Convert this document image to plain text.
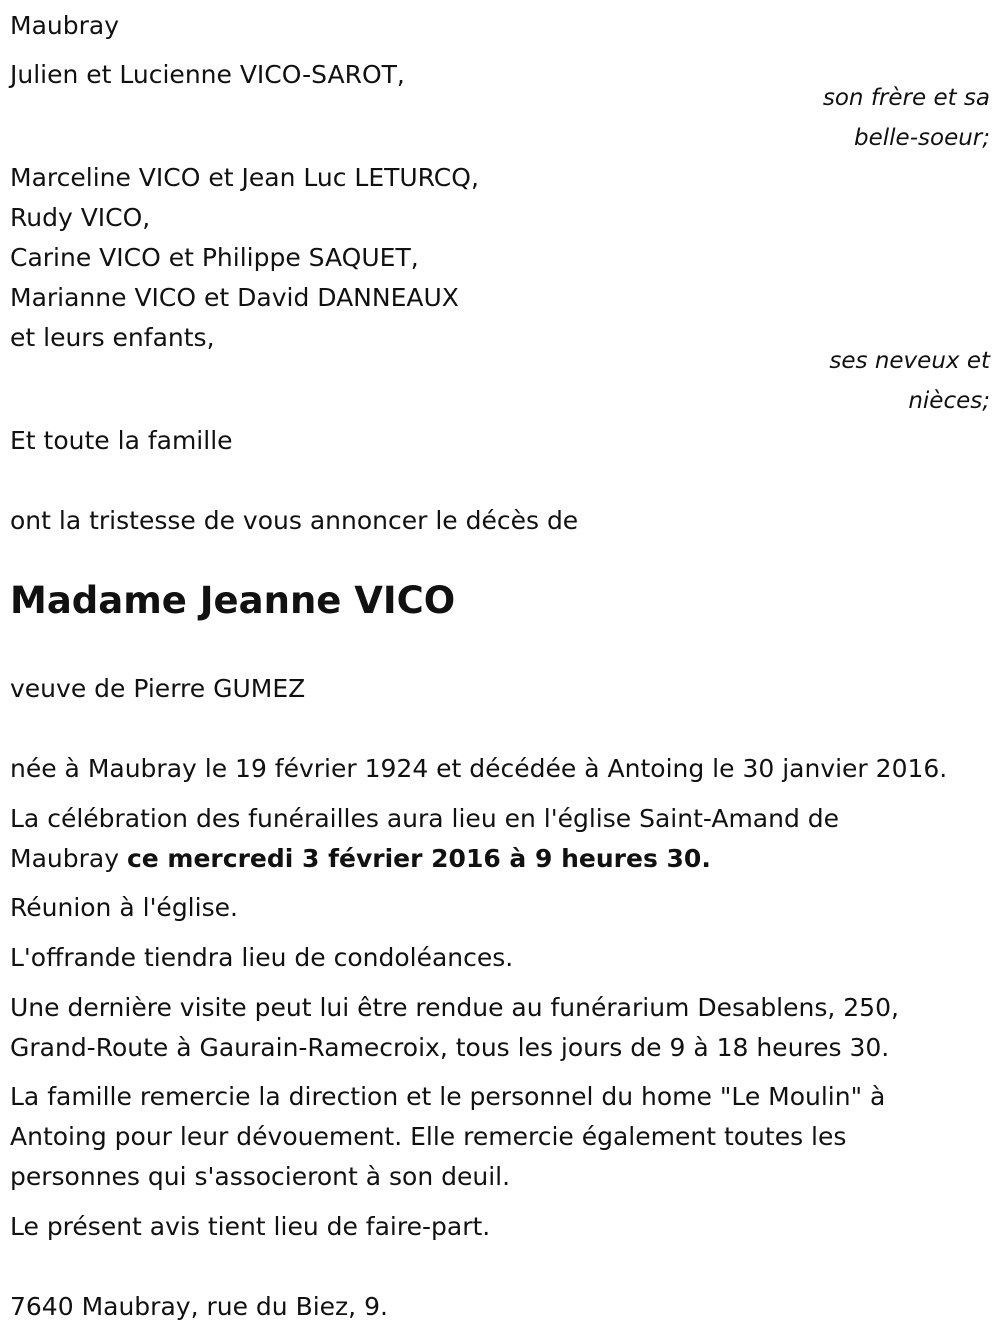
Maubray
Julien et Lucienne VICO-SAROT,
son frère et sa
belle-soeur;
Marceline VICO et Jean Luc LETURCQ,
Rudy VICO,
Carine VICO et Philippe SAQUET,
Marianne VICO et David DANNEAUX
et leurs enfants,
ses neveux et
nièces;
Et toute la famille
ont la tristesse de vous annoncer le décès de
Madame Jeanne VICO
veuve de Pierre GUMEZ
née à Maubray le 19 février 1924 et décédée à Antoing le 30 janvier 2016.
La célébration des funérailles aura lieu en l'église Saint-Amand de
Maubray ce mercredi 3 février 2016 à 9 heures 30.
Réunion à l'église.
L'offrande tiendra lieu de condoléances.
Une dernière visite peut lui être rendue au funérarium Desablens, 250,
Grand-Route à Gaurain-Ramecroix, tous les jours de 9 à 18 heures 30.
La famille remercie la direction et le personnel du home "Le Moulin" à
Antoing pour leur dévouement. Elle remercie également toutes les
personnes qui s'associeront à son deuil.
Le présent avis tient lieu de faire-part.
7640 Maubray, rue du Biez, 9.
